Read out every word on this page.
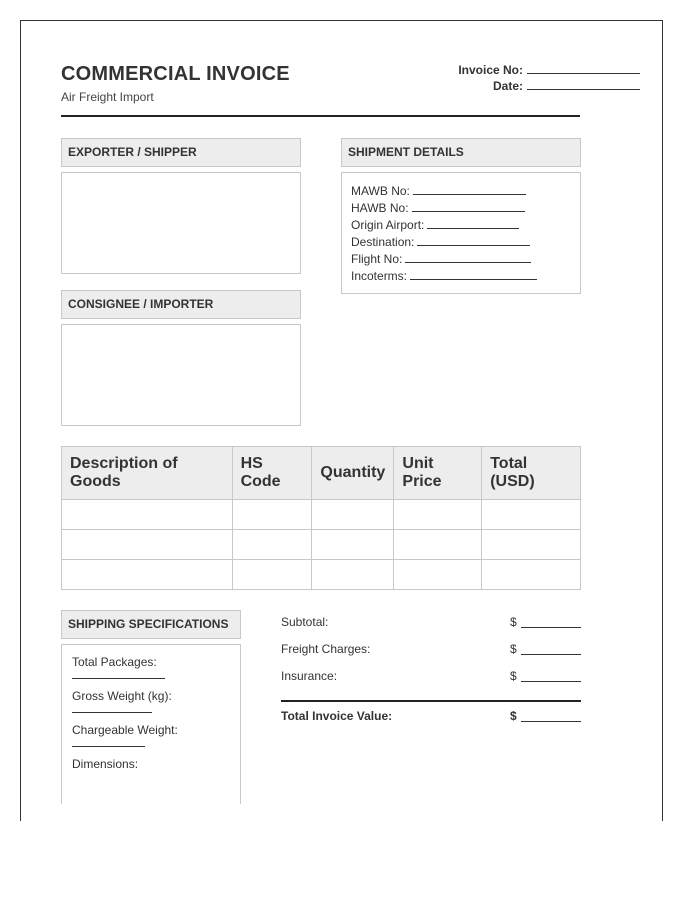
COMMERCIAL INVOICE
Air Freight Import
Invoice No:
Date:
EXPORTER / SHIPPER
CONSIGNEE / IMPORTER
SHIPMENT DETAILS
MAWB No:
HAWB No:
Origin Airport:
Destination:
Flight No:
Incoterms:
Description of Goods	HS Code	Quantity	Unit Price	Total (USD)

SHIPPING SPECIFICATIONS
Total Packages:
Gross Weight (kg):
Chargeable Weight:
Dimensions:
Subtotal:	$
Freight Charges:	$
Insurance:	$
Total Invoice Value:	$
